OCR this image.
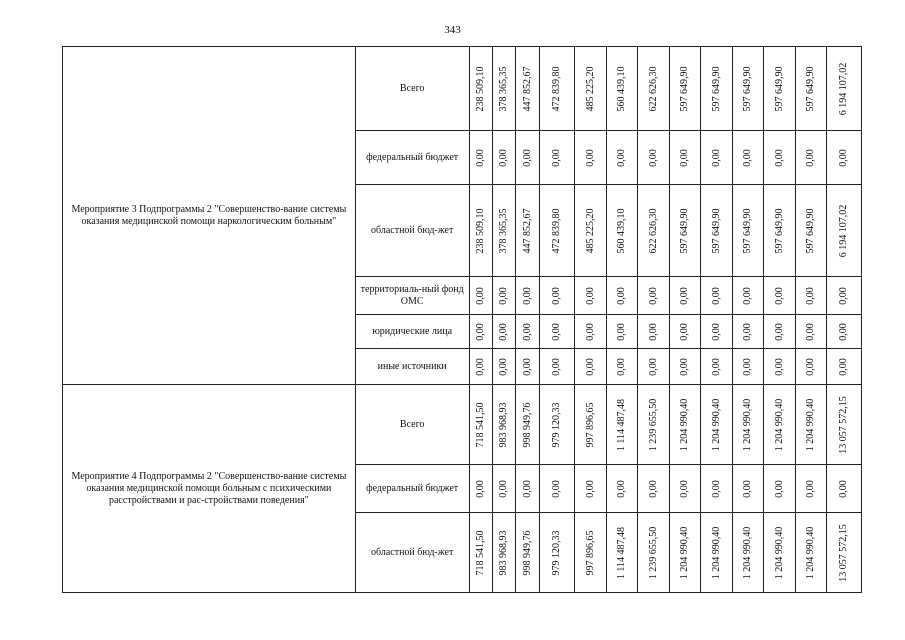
343
Мероприятие 3 Подпрограммы 2 "Совершенство-вание системы оказания медицинской помощи наркологическим больным"	Всего	238 509,10	378 365,35	447 852,67	472 839,80	485 225,20	560 439,10	622 626,30	597 649,90	597 649,90	597 649,90	597 649,90	597 649,90	6 194 107,02

	федеральный бюджет	0,00	0,00	0,00	0,00	0,00	0,00	0,00	0,00	0,00	0,00	0,00	0,00	0,00

	областной бюд-жет	238 509,10	378 365,35	447 852,67	472 839,80	485 225,20	560 439,10	622 626,30	597 649,90	597 649,90	597 649,90	597 649,90	597 649,90	6 194 107,02

	территориаль-ный фонд ОМС	0,00	0,00	0,00	0,00	0,00	0,00	0,00	0,00	0,00	0,00	0,00	0,00	0,00

	юридические лица	0,00	0,00	0,00	0,00	0,00	0,00	0,00	0,00	0,00	0,00	0,00	0,00	0,00

	иные источники	0,00	0,00	0,00	0,00	0,00	0,00	0,00	0,00	0,00	0,00	0,00	0,00	0,00

Мероприятие 4 Подпрограммы 2 "Совершенство-вание системы оказания медицинской помощи больным с психическими расстройствами и рас-стройствами поведения"	Всего	718 541,50	983 968,93	998 949,76	979 120,33	997 896,65	1 114 487,48	1 239 655,50	1 204 990,40	1 204 990,40	1 204 990,40	1 204 990,40	1 204 990,40	13 057 572,15

	федеральный бюджет	0,00	0,00	0,00	0,00	0,00	0,00	0,00	0,00	0,00	0,00	0,00	0,00	0,00

	областной бюд-жет	718 541,50	983 968,93	998 949,76	979 120,33	997 896,65	1 114 487,48	1 239 655,50	1 204 990,40	1 204 990,40	1 204 990,40	1 204 990,40	1 204 990,40	13 057 572,15
